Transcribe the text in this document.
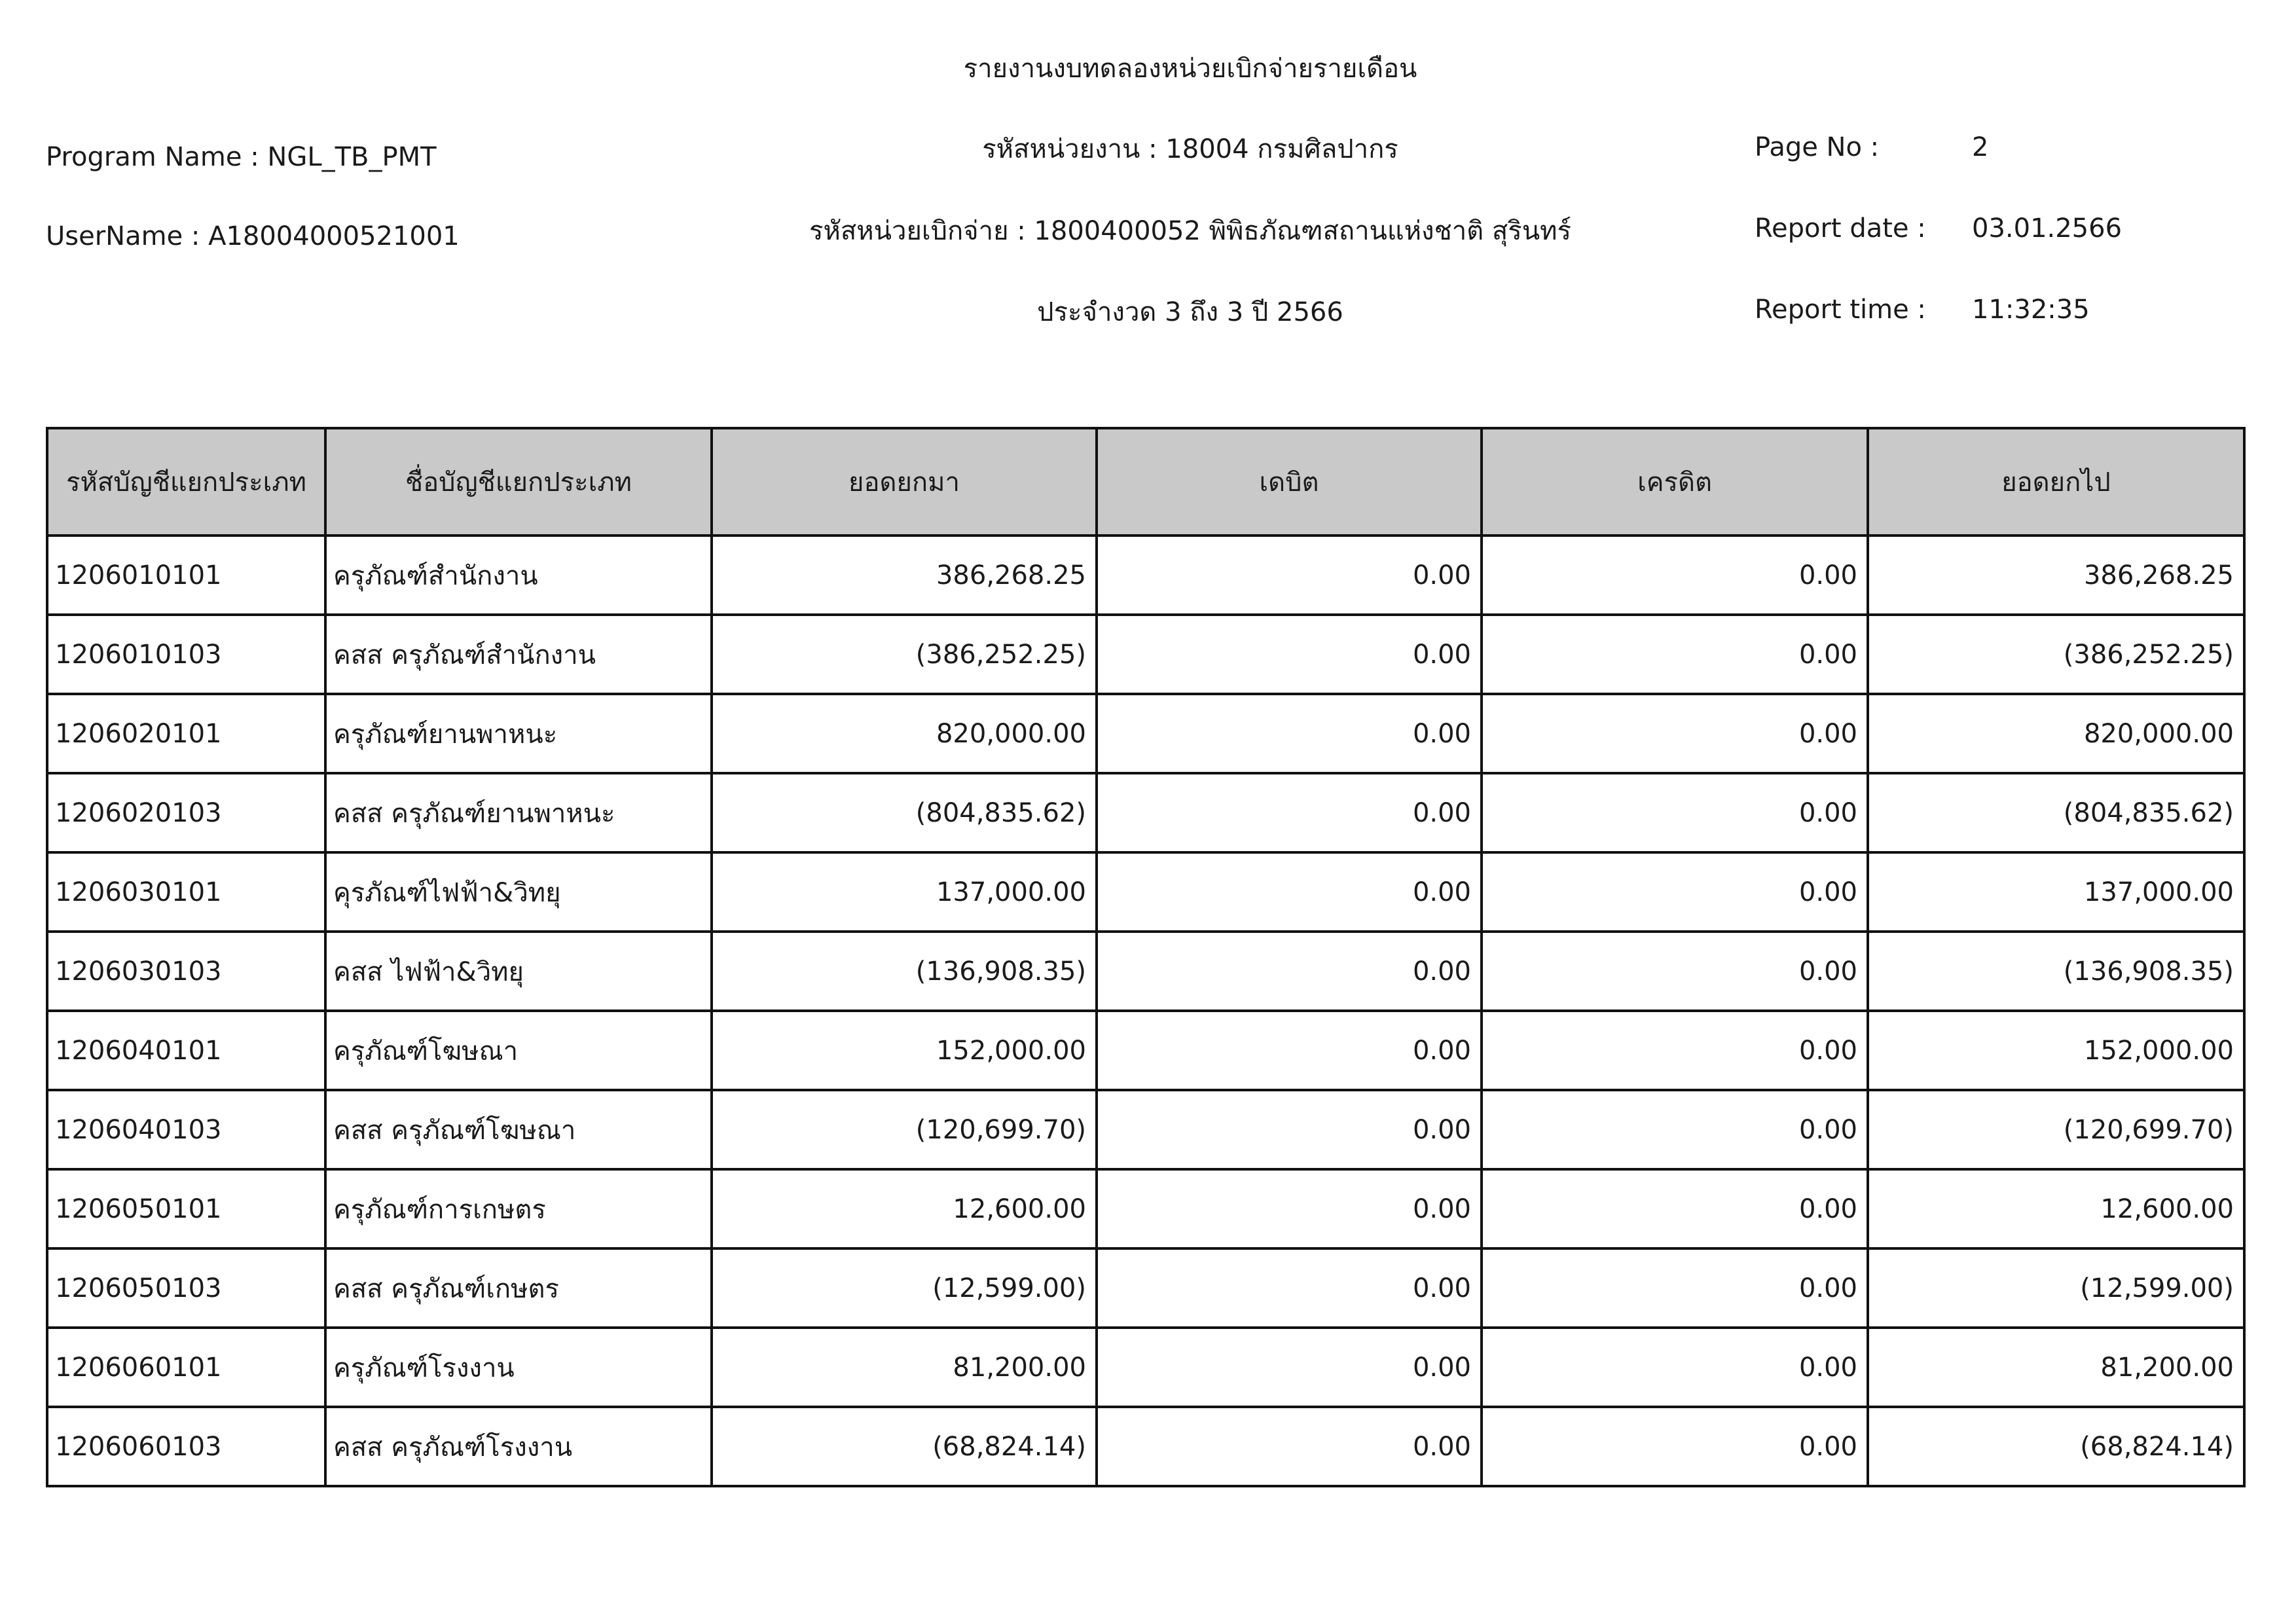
รายงานงบทดลองหน่วยเบิกจ่ายรายเดือน
Program Name : NGL_TB_PMT	รหัสหน่วยงาน : 18004 กรมศิลปากร	Page No :	2
UserName : A18004000521001	รหัสหน่วยเบิกจ่าย : 1800400052 พิพิธภัณฑสถานแห่งชาติ สุรินทร์	Report date : 03.01.2566
ประจำงวด 3 ถึง 3 ปี 2566	Report time : 11:32:35
รหัสบัญชีแยกประเภท	ชื่อบัญชีแยกประเภท	ยอดยกมา	เดบิต	เครดิต	ยอดยกไป
1206010101	ครุภัณฑ์สำนักงาน	386,268.25	0.00	0.00	386,268.25
1206010103	คสส ครุภัณฑ์สำนักงาน	(386,252.25)	0.00	0.00	(386,252.25)
1206020101	ครุภัณฑ์ยานพาหนะ	820,000.00	0.00	0.00	820,000.00
1206020103	คสส ครุภัณฑ์ยานพาหนะ	(804,835.62)	0.00	0.00	(804,835.62)
1206030101	คุรภัณฑ์ไฟฟ้า&วิทยุ	137,000.00	0.00	0.00	137,000.00
1206030103	คสส ไฟฟ้า&วิทยุ	(136,908.35)	0.00	0.00	(136,908.35)
1206040101	ครุภัณฑ์โฆษณา	152,000.00	0.00	0.00	152,000.00
1206040103	คสส ครุภัณฑ์โฆษณา	(120,699.70)	0.00	0.00	(120,699.70)
1206050101	ครุภัณฑ์การเกษตร	12,600.00	0.00	0.00	12,600.00
1206050103	คสส ครุภัณฑ์เกษตร	(12,599.00)	0.00	0.00	(12,599.00)
1206060101	ครุภัณฑ์โรงงาน	81,200.00	0.00	0.00	81,200.00
1206060103	คสส ครุภัณฑ์โรงงาน	(68,824.14)	0.00	0.00	(68,824.14)
